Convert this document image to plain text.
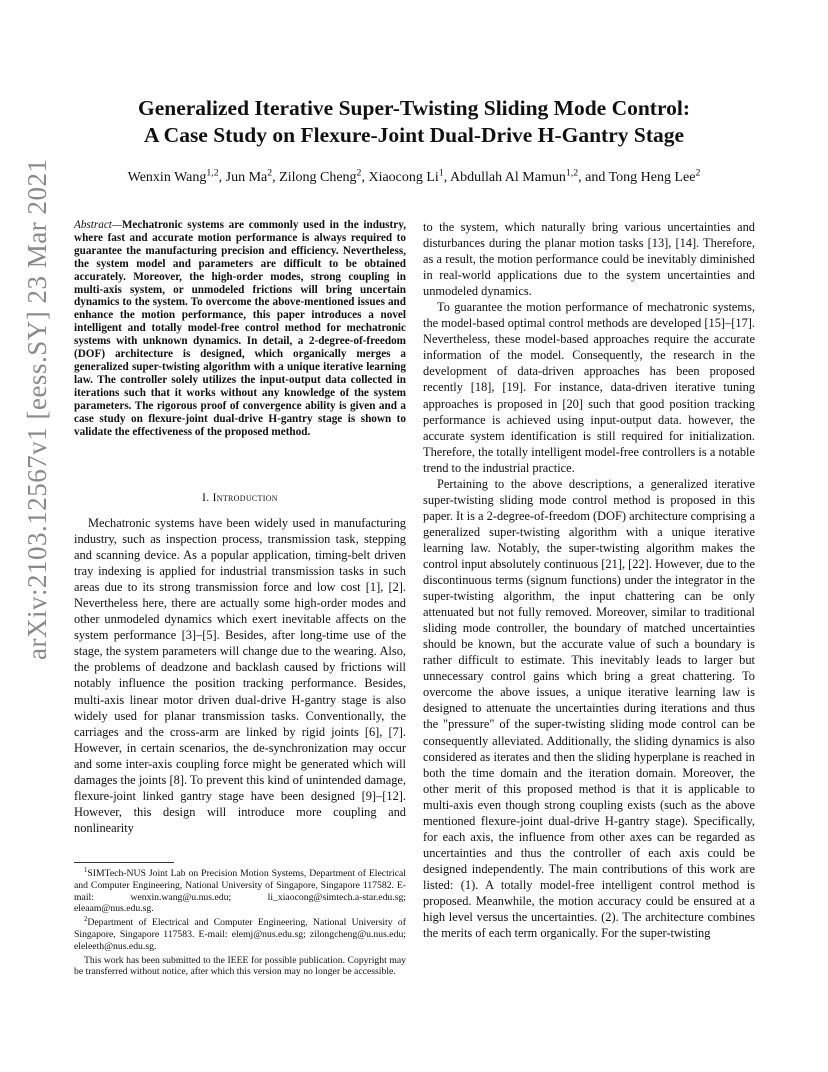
arXiv:2103.12567v1 [eess.SY] 23 Mar 2021
Generalized Iterative Super-Twisting Sliding Mode Control:
A Case Study on Flexure-Joint Dual-Drive H-Gantry Stage
Wenxin Wang$^{1,2}$, Jun Ma$^2$, Zilong Cheng$^2$, Xiaocong Li$^1$, Abdullah Al Mamun$^{1,2}$, and Tong Heng Lee$^2$
Abstract—Mechatronic systems are commonly used in the industry, where fast and accurate motion performance is always required to guarantee the manufacturing precision and efficiency. Nevertheless, the system model and parameters are difficult to be obtained accurately. Moreover, the high-order modes, strong coupling in multi-axis system, or unmodeled frictions will bring uncertain dynamics to the system. To overcome the above-mentioned issues and enhance the motion performance, this paper introduces a novel intelligent and totally model-free control method for mechatronic systems with unknown dynamics. In detail, a 2-degree-of-freedom (DOF) architecture is designed, which organically merges a generalized super-twisting algorithm with a unique iterative learning law. The controller solely utilizes the input-output data collected in iterations such that it works without any knowledge of the system parameters. The rigorous proof of convergence ability is given and a case study on flexure-joint dual-drive H-gantry stage is shown to validate the effectiveness of the proposed method.
I. Introduction

Mechatronic systems have been widely used in manufacturing industry, such as inspection process, transmission task, stepping and scanning device. As a popular application, timing-belt driven tray indexing is applied for industrial transmission tasks in such areas due to its strong transmission force and low cost [1], [2]. Nevertheless here, there are actually some high-order modes and other unmodeled dynamics which exert inevitable affects on the system performance [3]–[5]. Besides, after long-time use of the stage, the system parameters will change due to the wearing. Also, the problems of deadzone and backlash caused by frictions will notably influence the position tracking performance. Besides, multi-axis linear motor driven dual-drive H-gantry stage is also widely used for planar transmission tasks. Conventionally, the carriages and the cross-arm are linked by rigid joints [6], [7]. However, in certain scenarios, the de-synchronization may occur and some inter-axis coupling force might be generated which will damages the joints [8]. To prevent this kind of unintended damage, flexure-joint linked gantry stage have been designed [9]–[12]. However, this design will introduce more coupling and nonlinearity

$^1$SIMTech-NUS Joint Lab on Precision Motion Systems, Department of Electrical and Computer Engineering, National University of Singapore, Singapore 117582. E-mail: wenxin.wang@u.nus.edu; li_xiaocong@simtech.a-star.edu.sg; eleaam@nus.edu.sg.

$^2$Department of Electrical and Computer Engineering, National University of Singapore, Singapore 117583. E-mail: elemj@nus.edu.sg; zilongcheng@u.nus.edu; eleleeth@nus.edu.sg.

This work has been submitted to the IEEE for possible publication. Copyright may be transferred without notice, after which this version may no longer be accessible.

to the system, which naturally bring various uncertainties and disturbances during the planar motion tasks [13], [14]. Therefore, as a result, the motion performance could be inevitably diminished in real-world applications due to the system uncertainties and unmodeled dynamics.

To guarantee the motion performance of mechatronic systems, the model-based optimal control methods are developed [15]–[17]. Nevertheless, these model-based approaches require the accurate information of the model. Consequently, the research in the development of data-driven approaches has been proposed recently [18], [19]. For instance, data-driven iterative tuning approaches is proposed in [20] such that good position tracking performance is achieved using input-output data. however, the accurate system identification is still required for initialization. Therefore, the totally intelligent model-free controllers is a notable trend to the industrial practice.

Pertaining to the above descriptions, a generalized iterative super-twisting sliding mode control method is proposed in this paper. It is a 2-degree-of-freedom (DOF) architecture comprising a generalized super-twisting algorithm with a unique iterative learning law. Notably, the super-twisting algorithm makes the control input absolutely continuous [21], [22]. However, due to the discontinuous terms (signum functions) under the integrator in the super-twisting algorithm, the input chattering can be only attenuated but not fully removed. Moreover, similar to traditional sliding mode controller, the boundary of matched uncertainties should be known, but the accurate value of such a boundary is rather difficult to estimate. This inevitably leads to larger but unnecessary control gains which bring a great chattering. To overcome the above issues, a unique iterative learning law is designed to attenuate the uncertainties during iterations and thus the "pressure" of the super-twisting sliding mode control can be consequently alleviated. Additionally, the sliding dynamics is also considered as iterates and then the sliding hyperplane is reached in both the time domain and the iteration domain. Moreover, the other merit of this proposed method is that it is applicable to multi-axis even though strong coupling exists (such as the above mentioned flexure-joint dual-drive H-gantry stage). Specifically, for each axis, the influence from other axes can be regarded as uncertainties and thus the controller of each axis could be designed independently. The main contributions of this work are listed: (1). A totally model-free intelligent control method is proposed. Meanwhile, the motion accuracy could be ensured at a high level versus the uncertainties. (2). The architecture combines the merits of each term organically. For the super-twisting
